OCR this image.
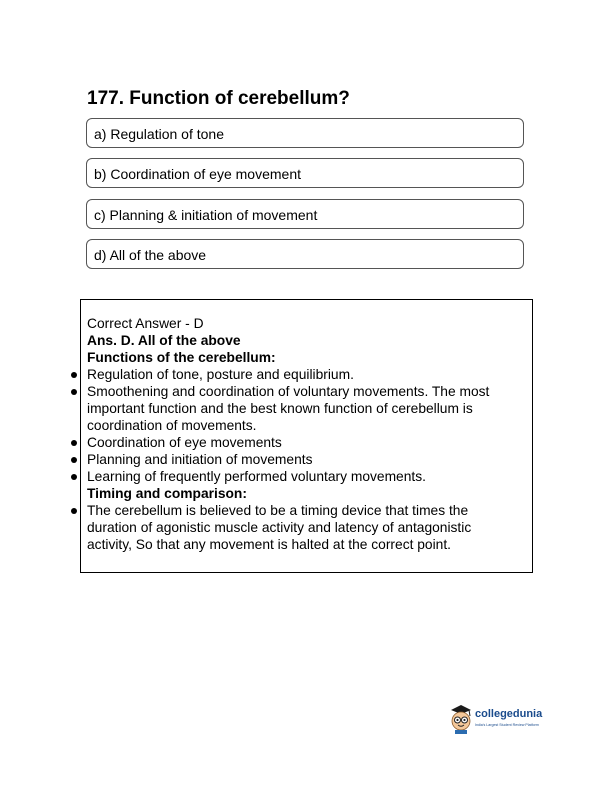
177. Function of cerebellum?
a) Regulation of tone
b) Coordination of eye movement
c) Planning & initiation of movement
d) All of the above
Correct Answer - D
Ans. D. All of the above
Functions of the cerebellum:
Regulation of tone, posture and equilibrium.
Smoothening and coordination of voluntary movements. The most important function and the best known function of cerebellum is coordination of movements.
Coordination of eye movements
Planning and initiation of movements
Learning of frequently performed voluntary movements.
Timing and comparison:
The cerebellum is believed to be a timing device that times the duration of agonistic muscle activity and latency of antagonistic activity, So that any movement is halted at the correct point.
collegedunia
India's Largest Student Review Platform
